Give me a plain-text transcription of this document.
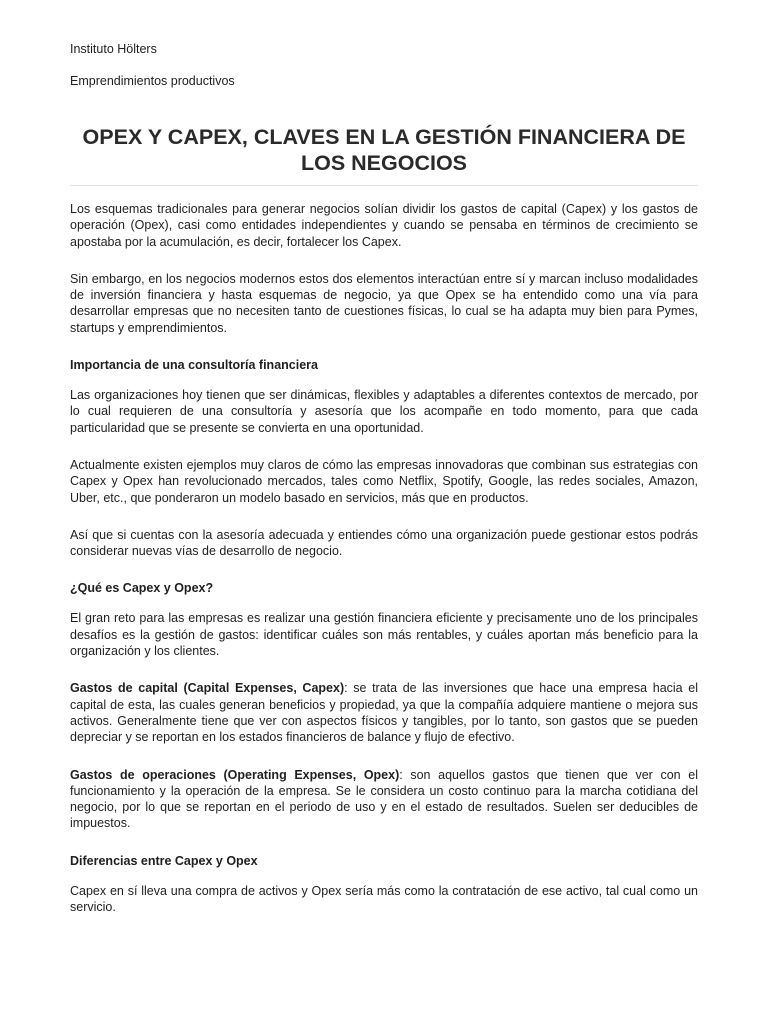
Instituto Hölters

Emprendimientos productivos

OPEX Y CAPEX, CLAVES EN LA GESTIÓN FINANCIERA DE LOS NEGOCIOS

Los esquemas tradicionales para generar negocios solían dividir los gastos de capital (Capex) y los gastos de operación (Opex), casi como entidades independientes y cuando se pensaba en términos de crecimiento se apostaba por la acumulación, es decir, fortalecer los Capex.

Sin embargo, en los negocios modernos estos dos elementos interactúan entre sí y marcan incluso modalidades de inversión financiera y hasta esquemas de negocio, ya que Opex se ha entendido como una vía para desarrollar empresas que no necesiten tanto de cuestiones físicas, lo cual se ha adapta muy bien para Pymes, startups y emprendimientos.

Importancia de una consultoría financiera

Las organizaciones hoy tienen que ser dinámicas, flexibles y adaptables a diferentes contextos de mercado, por lo cual requieren de una consultoría y asesoría que los acompañe en todo momento, para que cada particularidad que se presente se convierta en una oportunidad.

Actualmente existen ejemplos muy claros de cómo las empresas innovadoras que combinan sus estrategias con Capex y Opex han revolucionado mercados, tales como Netflix, Spotify, Google, las redes sociales, Amazon, Uber, etc., que ponderaron un modelo basado en servicios, más que en productos.

Así que si cuentas con la asesoría adecuada y entiendes cómo una organización puede gestionar estos podrás considerar nuevas vías de desarrollo de negocio.

¿Qué es Capex y Opex?

El gran reto para las empresas es realizar una gestión financiera eficiente y precisamente uno de los principales desafíos es la gestión de gastos: identificar cuáles son más rentables, y cuáles aportan más beneficio para la organización y los clientes.

Gastos de capital (Capital Expenses, Capex): se trata de las inversiones que hace una empresa hacia el capital de esta, las cuales generan beneficios y propiedad, ya que la compañía adquiere mantiene o mejora sus activos. Generalmente tiene que ver con aspectos físicos y tangibles, por lo tanto, son gastos que se pueden depreciar y se reportan en los estados financieros de balance y flujo de efectivo.

Gastos de operaciones (Operating Expenses, Opex): son aquellos gastos que tienen que ver con el funcionamiento y la operación de la empresa. Se le considera un costo continuo para la marcha cotidiana del negocio, por lo que se reportan en el periodo de uso y en el estado de resultados. Suelen ser deducibles de impuestos.

Diferencias entre Capex y Opex

Capex en sí lleva una compra de activos y Opex sería más como la contratación de ese activo, tal cual como un servicio.
